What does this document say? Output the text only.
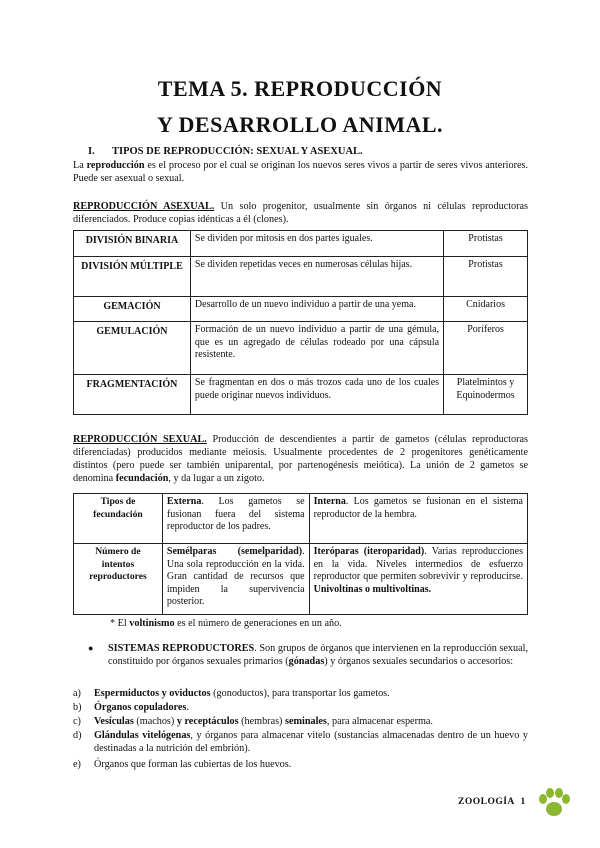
TEMA 5. REPRODUCCIÓN
Y DESARROLLO ANIMAL.
I. TIPOS DE REPRODUCCIÓN: SEXUAL Y ASEXUAL.

La reproducción es el proceso por el cual se originan los nuevos seres vivos a partir de seres vivos anteriores. Puede ser asexual o sexual.

REPRODUCCIÓN ASEXUAL. Un solo progenitor, usualmente sin órganos ni células reproductoras diferenciados. Produce copias idénticas a él (clones).

DIVISIÓN BINARIA	Se dividen por mitosis en dos partes iguales.	Protistas
DIVISIÓN MÚLTIPLE	Se dividen repetidas veces en numerosas células hijas.	Protistas
GEMACIÓN	Desarrollo de un nuevo individuo a partir de una yema.	Cnidarios
GEMULACIÓN	Formación de un nuevo individuo a partir de una gémula, que es un agregado de células rodeado por una cápsula resistente.	Poríferos
FRAGMENTACIÓN	Se fragmentan en dos o más trozos cada uno de los cuales puede originar nuevos individuos.	Platelmintos y Equinodermos

REPRODUCCIÓN SEXUAL. Producción de descendientes a partir de gametos (células reproductoras diferenciadas) producidos mediante meiosis. Usualmente procedentes de 2 progenitores genéticamente distintos (pero puede ser también uniparental, por partenogénesis meiótica). La unión de 2 gametos se denomina fecundación, y da lugar a un zigoto.

Tipos de fecundación	Externa. Los gametos se fusionan fuera del sistema reproductor de los padres.	Interna. Los gametos se fusionan en el sistema reproductor de la hembra.
Número de intentos reproductores	Semélparas (semelparidad). Una sola reproducción en la vida. Gran cantidad de recursos que impiden la supervivencia posterior.	Iteróparas (iteroparidad). Varias reproducciones en la vida. Niveles intermedios de esfuerzo reproductor que permiten sobrevivir y reproducirse. Univoltinas o multivoltinas.
* El voltinismo es el número de generaciones en un año.
● SISTEMAS REPRODUCTORES. Son grupos de órganos que intervienen en la reproducción sexual, constituido por órganos sexuales primarios (gónadas) y órganos sexuales secundarios o accesorios:

a) Espermiductos y oviductos (gonoductos), para transportar los gametos.
b) Órganos copuladores.
c) Vesículas (machos) y receptáculos (hembras) seminales, para almacenar esperma.
d)	Glándulas vitelógenas, y órganos para almacenar vitelo (sustancias almacenadas dentro de un huevo y destinadas a la nutrición del embrión).

e) Órganos que forman las cubiertas de los huevos.
ZOOLOGÍA 1
